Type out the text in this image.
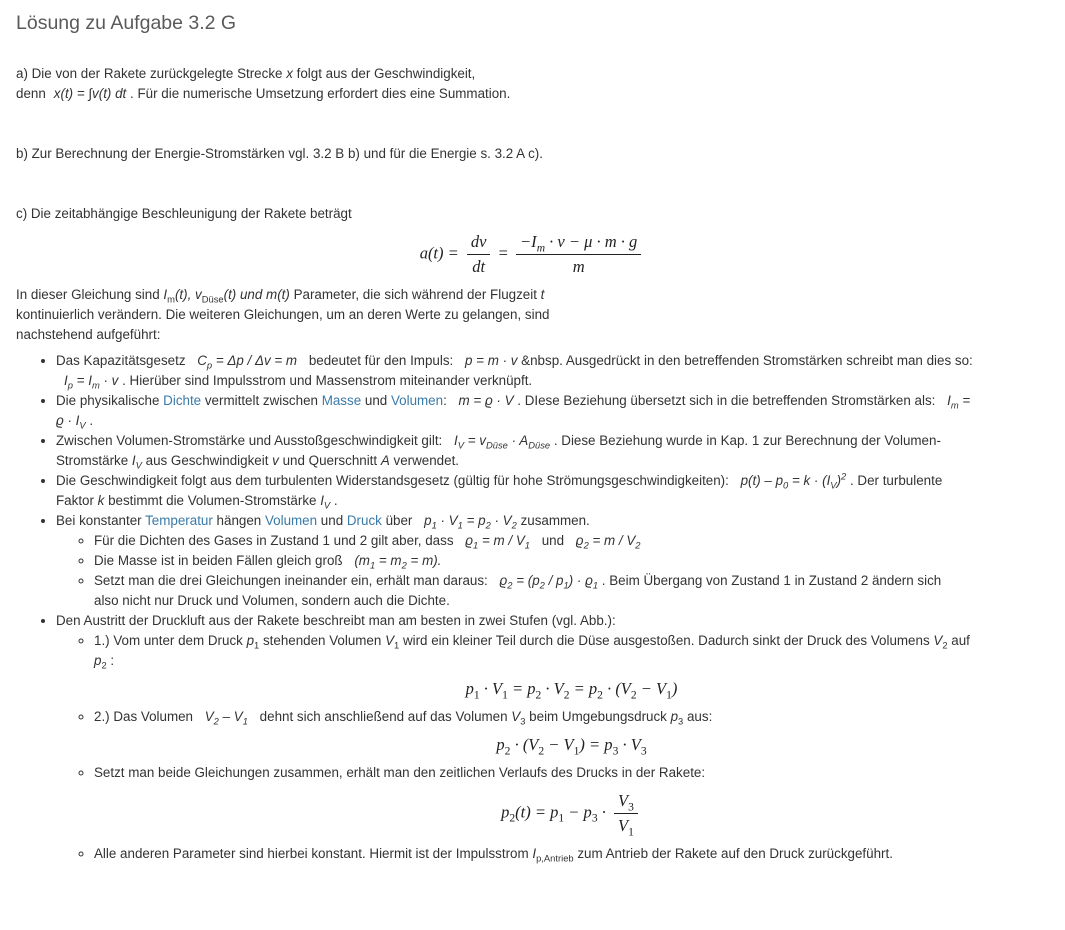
Lösung zu Aufgabe 3.2 G

a) Die von der Rakete zurückgelegte Strecke x folgt aus der Geschwindigkeit,

denn x(t) = ∫v(t) dt . Für die numerische Umsetzung erfordert dies eine Summation.

b) Zur Berechnung der Energie-Stromstärken vgl. 3.2 B b) und für die Energie s. 3.2 A c).

c) Die zeitabhängige Beschleunigung der Rakete beträgt

$a(t) = \frac{dv}{dt} = \frac{-I_m \cdot v - \mu \cdot m \cdot g}{m}$

In dieser Gleichung sind $I_m(t)$, $v_{Düse}(t)$ und m(t) Parameter, die sich während der Flugzeit t
kontinuierlich verändern. Die weiteren Gleichungen, um an deren Werte zu gelangen, sind
nachstehend aufgeführt:

• Das Kapazitätsgesetz $C_p = \Delta p / \Delta v = m$ bedeutet für den Impuls: p = m · v &nbsp. Ausgedrückt in den betreffenden Stromstärken schreibt man dies so:
$I_p = I_m \cdot v$ . Hierüber sind Impulsstrom und Massenstrom miteinander verknüpft.
• Die physikalische Dichte vermittelt zwischen Masse und Volumen: m = ϱ · V . DIese Beziehung übersetzt sich in die betreffenden Stromstärken als: $I_m$ =
$ϱ \cdot I_V$ .
• Zwischen Volumen-Stromstärke und Ausstoßgeschwindigkeit gilt: $I_V = v_{Düse} \cdot A_{Düse}$ . Diese Beziehung wurde in Kap. 1 zur Berechnung der Volumen-
Stromstärke $I_V$ aus Geschwindigkeit v und Querschnitt A verwendet.
• Die Geschwindigkeit folgt aus dem turbulenten Widerstandsgesetz (gültig für hohe Strömungsgeschwindigkeiten): $p(t) - p_0 = k \cdot (I_V)^2$ . Der turbulente
Faktor k bestimmt die Volumen-Stromstärke $I_V$ .
• Bei konstanter Temperatur hängen Volumen und Druck über $p_1 \cdot V_1 = p_2 \cdot V_2$ zusammen.
◦ Für die Dichten des Gases in Zustand 1 und 2 gilt aber, dass $ϱ_1 = m / V_1$ und $ϱ_2 = m / V_2$
◦ Die Masse ist in beiden Fällen gleich groß $(m_1 = m_2 = m)$.
◦ Setzt man die drei Gleichungen ineinander ein, erhält man daraus: $ϱ_2 = (p_2 / p_1) \cdot ϱ_1$ . Beim Übergang von Zustand 1 in Zustand 2 ändern sich
also nicht nur Druck und Volumen, sondern auch die Dichte.
• Den Austritt der Druckluft aus der Rakete beschreibt man am besten in zwei Stufen (vgl. Abb.):
◦ 1.) Vom unter dem Druck $p_1$ stehenden Volumen $V_1$ wird ein kleiner Teil durch die Düse ausgestoßen. Dadurch sinkt der Druck des Volumens $V_2$ auf
$p_2$ :
$p_1 \cdot V_1 = p_2 \cdot V_2 = p_2 \cdot (V_2 - V_1)$
◦ 2.) Das Volumen $V_2 - V_1$ dehnt sich anschließend auf das Volumen $V_3$ beim Umgebungsdruck $p_3$ aus:
$p_2 \cdot (V_2 - V_1) = p_3 \cdot V_3$
◦ Setzt man beide Gleichungen zusammen, erhält man den zeitlichen Verlaufs des Drucks in der Rakete:
$p_2(t) = p_1 - p_3 \cdot \frac{V_3}{V_1}$
◦ Alle anderen Parameter sind hierbei konstant. Hiermit ist der Impulsstrom $I_{p,Antrieb}$ zum Antrieb der Rakete auf den Druck zurückgeführt.
